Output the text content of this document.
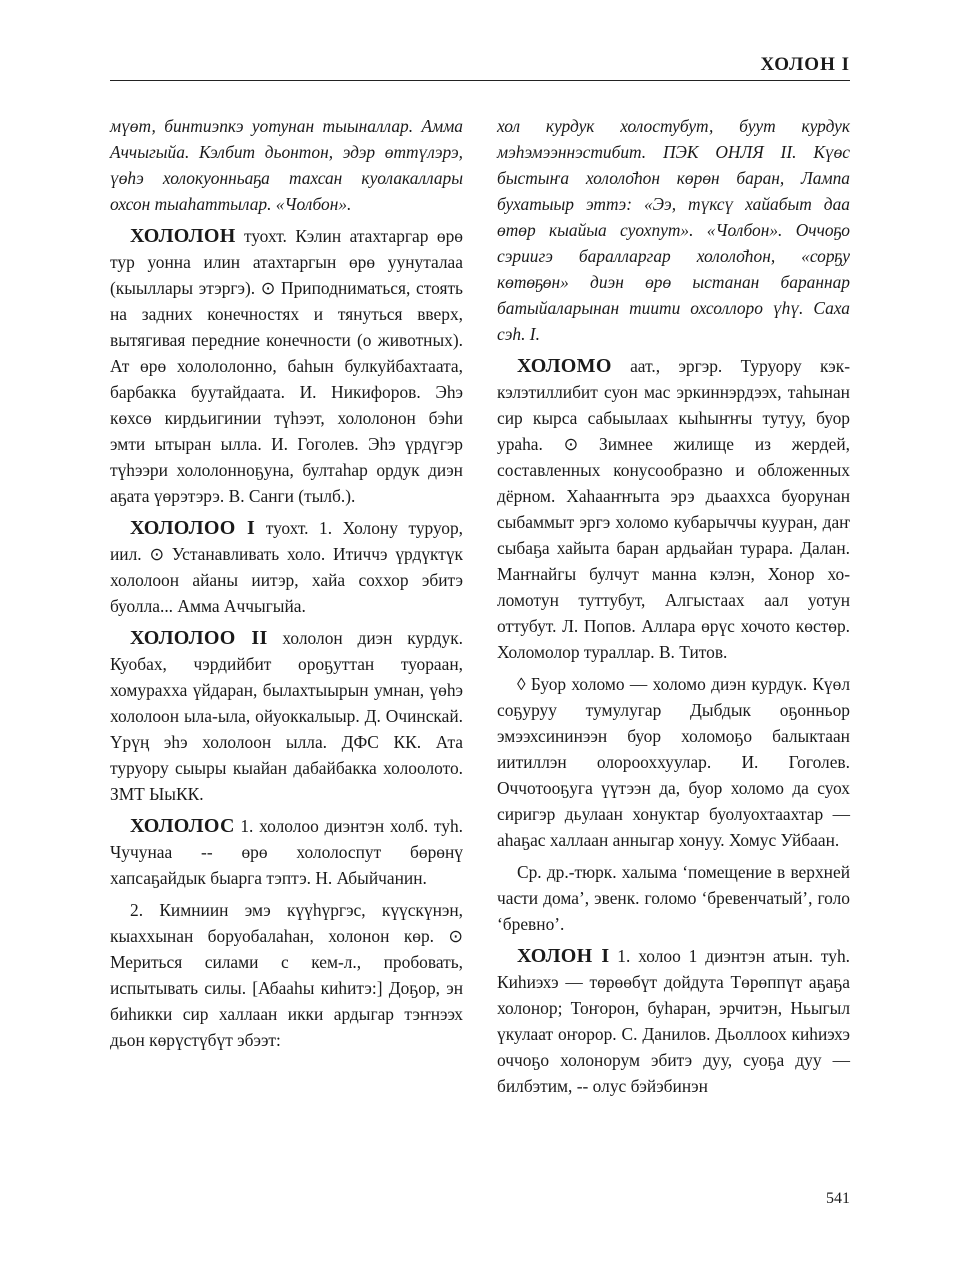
ХОЛОН I

мүөт, бинтиэпкэ уотунан тыыналлар. Амма Аччыгыйа. Кэлбит дьонтон, эдэр өттүлэрэ, үөһэ холокуонньаҕа тахсан куолакаллары охсон тыаһаттылар. «Чолбон».

ХОЛОЛОН туохт. Кэлин атахтаргар өрө тур уонна илин атахтаргын өрө уунуталаа (кыыллары этэргэ). ⊙ Приподниматься, стоять на задних конечностях и тянуться вверх, вытягивая передние конечности (о животных). Ат өрө холололонно, баһын булкуйбахтаата, барбакка буутайдаата. И. Никифоров. Эһэ көхсө кирдьигинии түһээт, хололонон бэһи эмти ытыран ылла. И. Гоголев. Эһэ үрдүгэр түһээри хололонноҕуна, бултаһар ордук диэн аҕата үөрэтэрэ. В. Санги (тылб.).

ХОЛОЛОО I туохт. 1. Холону туруор, иил. ⊙ Устанавливать холо. Итиччэ үрдүктүк хололоон айаны иитэр, хайа соххор эбитэ буолла... Амма Аччыгыйа.

ХОЛОЛОО II хололон диэн курдук. Куобах, чэрдийбит ороҕуттан туораан, хомурахха үйдаран, былахтыырын умнан, үөһэ хололоон ыла-ыла, ойуоккалыыр. Д. Очинскай. Үрүң эһэ хололоон ылла. ДФС КК. Ата туруору сыыры кыайан дабайбакка холоолото. ЗМТ ЫыКК.

ХОЛОЛОС 1. хололоо диэнтэн холб. туһ. Чучунаа -- өрө хололоспут бөрөнү хапсаҕайдык быарга тэптэ. Н. Абыйчанин.

2. Кимниин эмэ күүһүргэс, күүскүнэн, кыаххынан боруобалаһан, холонон көр. ⊙ Мериться силами с кем-л., пробовать, испытывать силы. [Абааһы киһитэ:] Доҕор, эн биһикки сир халлаан икки ардыгар тэҥнээх дьон көрүстүбүт эбээт:

хол курдук холостубут, буут курдук мэһэмээннэстибит. ПЭК ОНЛЯ II. Күөс быстыҥа хололо̄һон көрөн баран, Лампа бухатыыр эттэ: «Ээ, түксү хайабыт даа өтөр кыайыа суохпут». «Чолбон». Оччоҕо сэриигэ баралларгар хололо̄һон, «сорҕу көтөҕөн» диэн өрө ыстанан бараннар батыйаларынан тиити охсоллоро үһү. Саха сэһ. I.

ХОЛОМО аат., эргэр. Туруору кэккэлэтиллибит суон мас эркиннэрдээх, таһынан сир кырса сабыылаах кыһыҥҥы тутуу, буор ураһа. ⊙ Зимнее жилище из жердей, составленных конусообразно и обложенных дёрном. Хаһааҥҥыта эрэ дьааххса буорунан сыбаммыт эргэ холомо кубарыччы кууран, даҥ сыбаҕа хайыта баран ардьайан турара. Далан. Маҥнайгы булчут манна кэлэн, Хонор холомотун туттубут, Алгыстаах аал уотун оттубут. Л. Попов. Аллара өрүс хочото көстөр. Холомолор тураллар. В. Титов.

◊ Буор холомо — холомо диэн курдук. Күөл соҕуруу тумулугар Дыбдык оҕонньор эмээхсининээн буор холомоҕо балыктаан иитиллэн олорооххуулар. И. Гоголев. Оччотооҕуга үүтээн да, буор холомо да суох сиригэр дьулаан хонуктар буолуохтаахтар — аһаҕас халлаан анныгар хонуу. Хомус Уйбаан.

Ср. др.-тюрк. халыма ‘помещение в верхней части дома’, эвенк. голомо ‘бревенчатый’, голо ‘бревно’.

ХОЛОН I 1. холоо 1 диэнтэн атын. туһ. Киһиэхэ — төрөөбүт дойдута Төрөппүт аҕаҕа холонор; Тоҥорон, буһаран, эрчитэн, Ньыгыл үкулаат оҥорор. С. Данилов. Дьоллоох киһиэхэ оччоҕо холонорум эбитэ дуу, суоҕа дуу — билбэтим, -- олус бэйэбинэн

541
